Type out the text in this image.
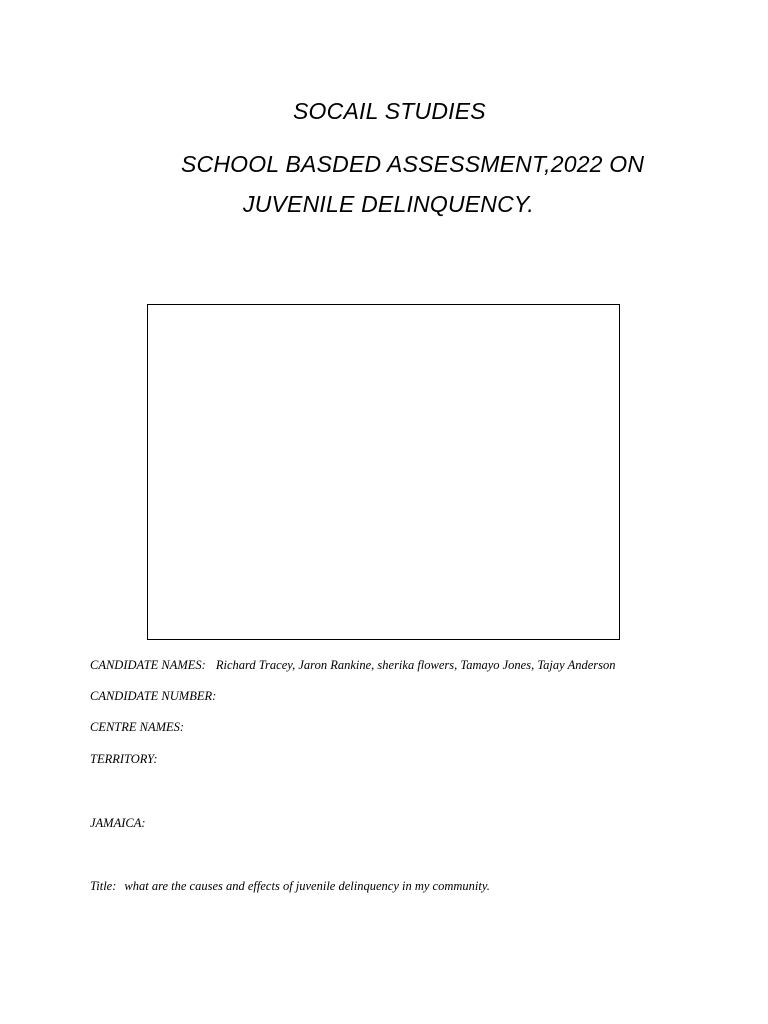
SOCAIL STUDIES
SCHOOL BASDED ASSESSMENT,2022 ON
JUVENILE DELINQUENCY.
CANDIDATE NAMES: Richard Tracey, Jaron Rankine, sherika flowers, Tamayo Jones, Tajay Anderson
CANDIDATE NUMBER:
CENTRE NAMES:
TERRITORY:
JAMAICA:
Title: what are the causes and effects of juvenile delinquency in my community.
